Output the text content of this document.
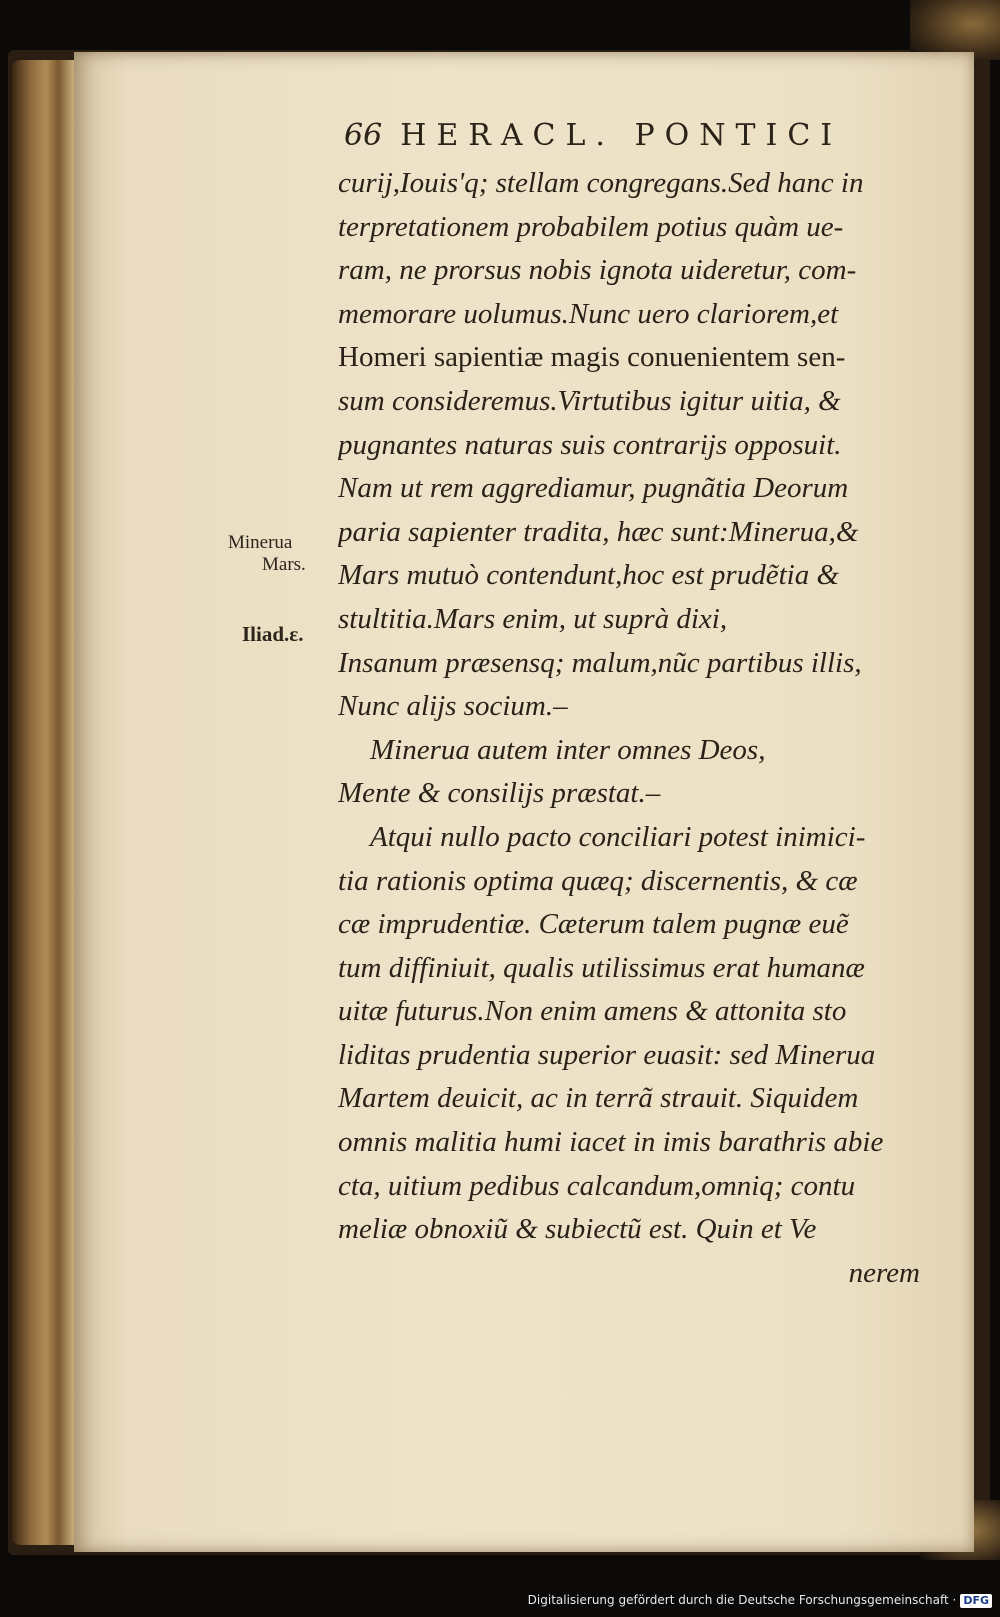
66 HERACL. PONTICI
Minerua
Mars.
Iliad.ε.
curij,Iouis'q; stellam congregans.Sed hanc in
terpretationem probabilem potius quàm ue-
ram, ne prorsus nobis ignota uideretur, com-
memorare uolumus.Nunc uero clariorem,et
Homeri sapientiæ magis conuenientem sen-
sum consideremus.Virtutibus igitur uitia, &
pugnantes naturas suis contrarijs opposuit.
Nam ut rem aggrediamur, pugnãtia Deorum
paria sapienter tradita, hæc sunt:Minerua,&
Mars mutuò contendunt,hoc est prudẽtia &
stultitia.Mars enim, ut suprà dixi,
Insanum præsensq; malum,nũc partibus illis,
Nunc alijs socium.–
Minerua autem inter omnes Deos,
Mente & consilijs præstat.–
Atqui nullo pacto conciliari potest inimici-
tia rationis optima quæq; discernentis, & cæ
cæ imprudentiæ. Cæterum talem pugnæ euẽ
tum diffiniuit, qualis utilissimus erat humanæ
uitæ futurus.Non enim amens & attonita sto
liditas prudentia superior euasit: sed Minerua
Martem deuicit, ac in terrã strauit. Siquidem
omnis malitia humi iacet in imis barathris abie
cta, uitium pedibus calcandum,omniq; contu
meliæ obnoxiũ & subiectũ est. Quin et Ve
nerem
Digitalisierung gefördert durch die Deutsche Forschungsgemeinschaft · DFG
